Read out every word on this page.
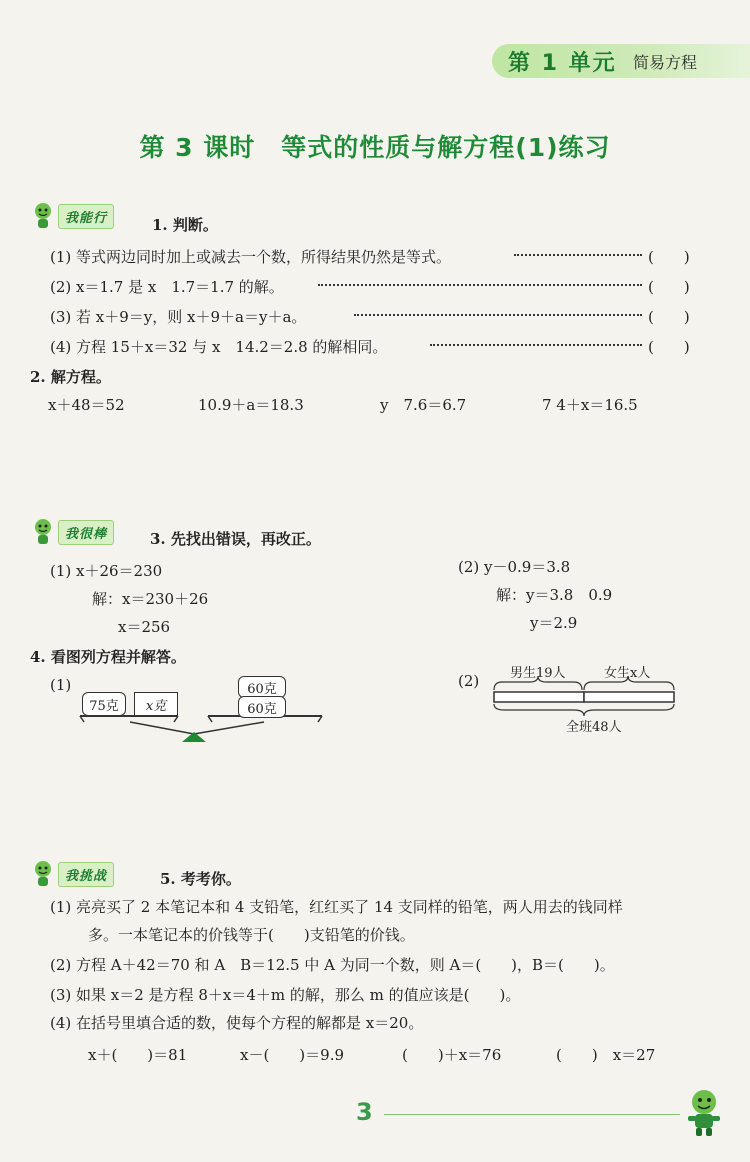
第 1 单元 简易方程
第 3 课时　等式的性质与解方程(1)练习
我能行	1. 判断。
(1) 等式两边同时加上或减去一个数，所得结果仍然是等式。	(　　)
(2) x＝1.7 是 x　1.7＝1.7 的解。	(　　)
(3) 若 x＋9＝y，则 x＋9＋a＝y＋a。	(　　)
(4) 方程 15＋x＝32 与 x　14.2＝2.8 的解相同。	(　　)
2. 解方程。
x＋48＝52	10.9＋a＝18.3	y　7.6＝6.7	7 4＋x＝16.5
我很棒	3. 先找出错误，再改正。
(1) x＋26＝230
解：x＝230＋26
x＝256
(2) y－0.9＝3.8
解：y＝3.8　0.9
y＝2.9
4. 看图列方程并解答。
(1)
75克	x克
60克
60克
(2) 男生19人	女生x人
全班48人
我挑战	5. 考考你。
(1) 亮亮买了 2 本笔记本和 4 支铅笔，红红买了 14 支同样的铅笔，两人用去的钱同样
多。一本笔记本的价钱等于(　　)支铅笔的价钱。
(2) 方程 A＋42＝70 和 A　B＝12.5 中 A 为同一个数，则 A＝(　　)，B＝(　　)。
(3) 如果 x＝2 是方程 8＋x＝4＋m 的解，那么 m 的值应该是(　　)。
(4) 在括号里填合适的数，使每个方程的解都是 x＝20。
x＋(　　)＝81	x－(　　)＝9.9	(　　)＋x＝76	(　　)　x＝27
3
